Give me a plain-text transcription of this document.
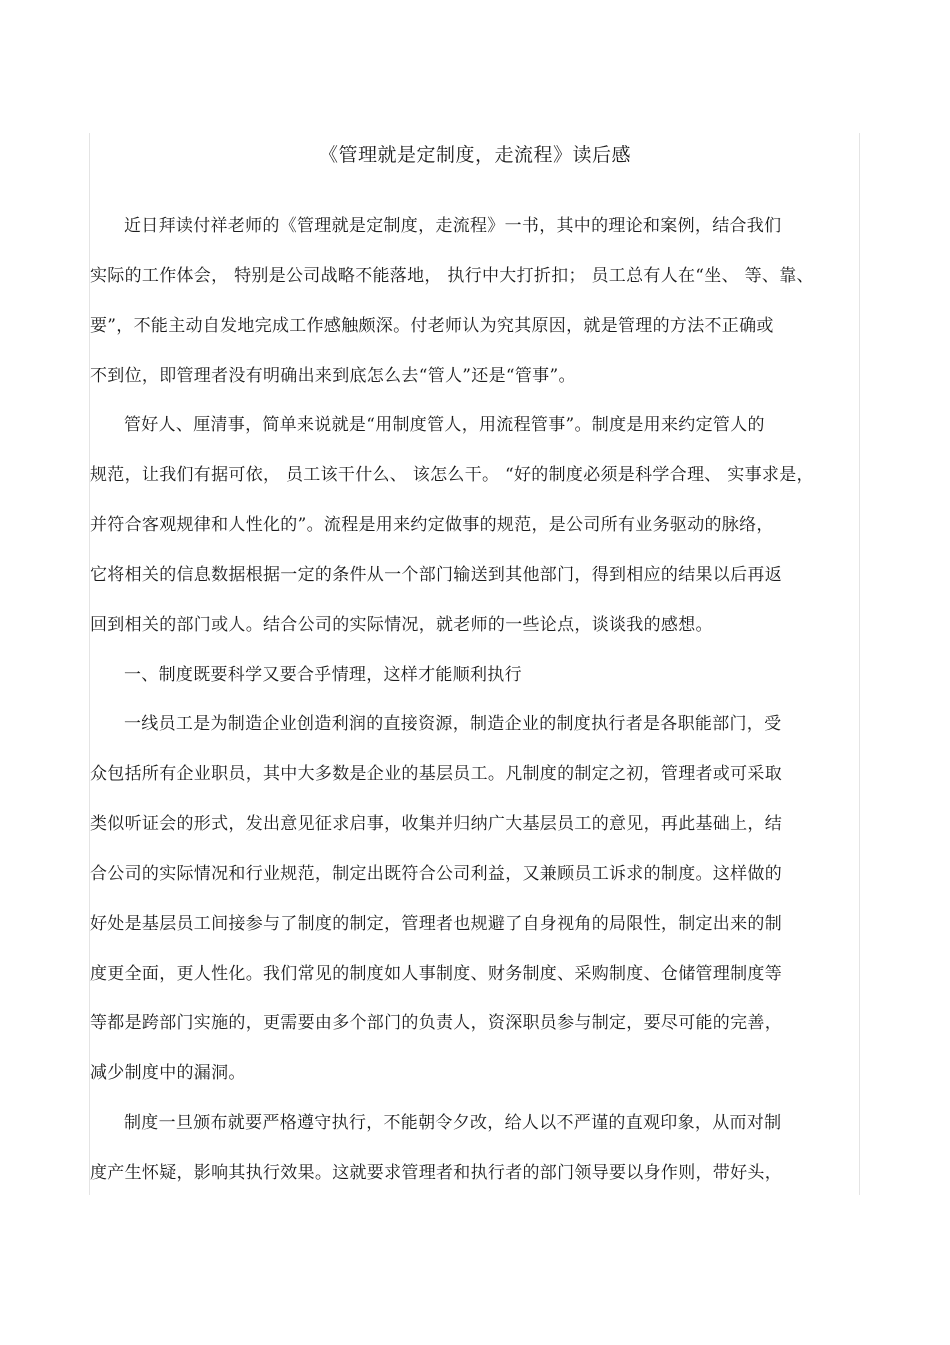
《管理就是定制度，走流程》读后感
近日拜读付祥老师的《管理就是定制度，走流程》一书，其中的理论和案例，结合我们
实际的工作体会， 特别是公司战略不能落地， 执行中大打折扣； 员工总有人在“坐、 等、靠、
要”，不能主动自发地完成工作感触颇深。付老师认为究其原因，就是管理的方法不正确或
不到位，即管理者没有明确出来到底怎么去“管人”还是“管事”。
管好人、厘清事，简单来说就是“用制度管人，用流程管事”。制度是用来约定管人的
规范，让我们有据可依， 员工该干什么、 该怎么干。 “好的制度必须是科学合理、 实事求是，
并符合客观规律和人性化的”。流程是用来约定做事的规范，是公司所有业务驱动的脉络，
它将相关的信息数据根据一定的条件从一个部门输送到其他部门，得到相应的结果以后再返
回到相关的部门或人。结合公司的实际情况，就老师的一些论点，谈谈我的感想。
一、制度既要科学又要合乎情理，这样才能顺利执行
一线员工是为制造企业创造利润的直接资源，制造企业的制度执行者是各职能部门，受
众包括所有企业职员，其中大多数是企业的基层员工。凡制度的制定之初，管理者或可采取
类似听证会的形式，发出意见征求启事，收集并归纳广大基层员工的意见，再此基础上，结
合公司的实际情况和行业规范，制定出既符合公司利益，又兼顾员工诉求的制度。这样做的
好处是基层员工间接参与了制度的制定，管理者也规避了自身视角的局限性，制定出来的制
度更全面，更人性化。我们常见的制度如人事制度、财务制度、采购制度、仓储管理制度等
等都是跨部门实施的，更需要由多个部门的负责人，资深职员参与制定，要尽可能的完善，
减少制度中的漏洞。
制度一旦颁布就要严格遵守执行，不能朝令夕改，给人以不严谨的直观印象，从而对制
度产生怀疑，影响其执行效果。这就要求管理者和执行者的部门领导要以身作则，带好头，
